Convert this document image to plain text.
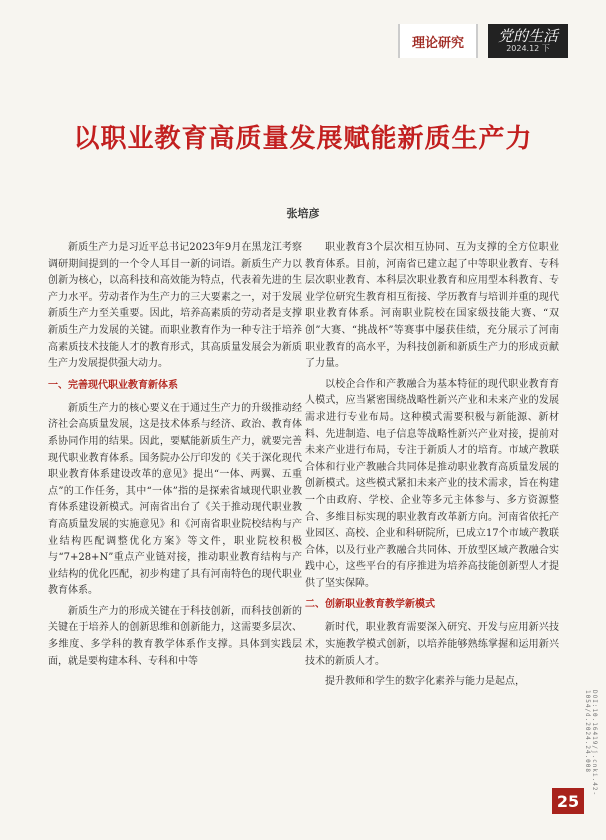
理论研究	党的生活
2024.12 下
以职业教育高质量发展赋能新质生产力
张培彦

新质生产力是习近平总书记2023年9月在黑龙江考察调研期间提到的一个令人耳目一新的词语。新质生产力以创新为核心，以高科技和高效能为特点，代表着先进的生产力水平。劳动者作为生产力的三大要素之一，对于发展新质生产力至关重要。因此，培养高素质的劳动者是支撑新质生产力发展的关键。而职业教育作为一种专注于培养高素质技术技能人才的教育形式，其高质量发展会为新质生产力发展提供强大动力。

一、完善现代职业教育新体系

新质生产力的核心要义在于通过生产力的升级推动经济社会高质量发展，这是技术体系与经济、政治、教育体系协同作用的结果。因此，要赋能新质生产力，就要完善现代职业教育体系。国务院办公厅印发的《关于深化现代职业教育体系建设改革的意见》提出“一体、两翼、五重点”的工作任务，其中“一体”指的是探索省域现代职业教育体系建设新模式。河南省出台了《关于推动现代职业教育高质量发展的实施意见》和《河南省职业院校结构与产业结构匹配调整优化方案》等文件，职业院校积极与“7+28+N”重点产业链对接，推动职业教育结构与产业结构的优化匹配，初步构建了具有河南特色的现代职业教育体系。

新质生产力的形成关键在于科技创新，而科技创新的关键在于培养人的创新思维和创新能力，这需要多层次、多维度、多学科的教育教学体系作支撑。具体到实践层面，就是要构建本科、专科和中等

职业教育3个层次相互协同、互为支撑的全方位职业教育体系。目前，河南省已建立起了中等职业教育、专科层次职业教育、本科层次职业教育和应用型本科教育、专业学位研究生教育相互衔接、学历教育与培训并重的现代职业教育体系。河南职业院校在国家级技能大赛、“双创”大赛、“挑战杯”等赛事中屡获佳绩，充分展示了河南职业教育的高水平，为科技创新和新质生产力的形成贡献了力量。

以校企合作和产教融合为基本特征的现代职业教育育人模式，应当紧密围绕战略性新兴产业和未来产业的发展需求进行专业布局。这种模式需要积极与新能源、新材料、先进制造、电子信息等战略性新兴产业对接，提前对未来产业进行布局，专注于新质人才的培育。市域产教联合体和行业产教融合共同体是推动职业教育高质量发展的创新模式。这些模式紧扣未来产业的技术需求，旨在构建一个由政府、学校、企业等多元主体参与、多方资源整合、多维目标实现的职业教育改革新方向。河南省依托产业园区、高校、企业和科研院所，已成立17个市域产教联合体，以及行业产教融合共同体、开放型区域产教融合实践中心，这些平台的有序推进为培养高技能创新型人才提供了坚实保障。

二、创新职业教育教学新模式

新时代，职业教育需要深入研究、开发与应用新兴技术，实施教学模式创新，以培养能够熟练掌握和运用新兴技术的新质人才。

提升教师和学生的数字化素养与能力是起点，

DOI:10.16419/j.cnki.42-1054/d.2024.24.008
25
